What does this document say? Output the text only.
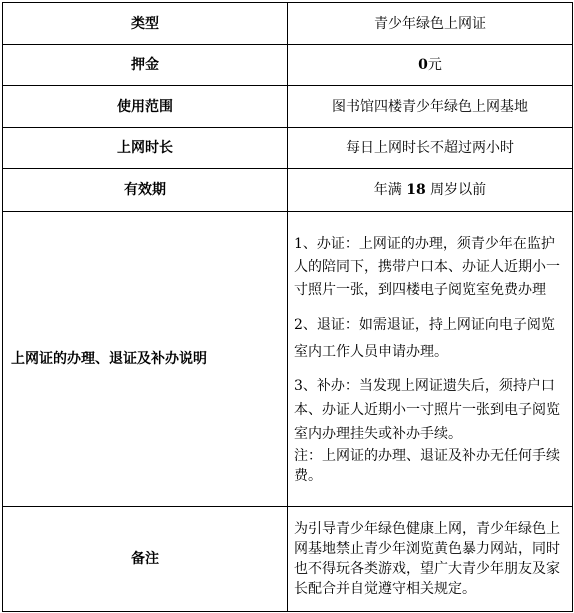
类型	青少年绿色上网证
押金	0元
使用范围	图书馆四楼青少年绿色上网基地
上网时长	每日上网时长不超过两小时
有效期	年满 18 周岁以前
上网证的办理、退证及补办说明	1、办证：上网证的办理，须青少年在监护人的陪同下，携带户口本、办证人近期小一寸照片一张，到四楼电子阅览室免费办理
2、退证：如需退证，持上网证向电子阅览室内工作人员申请办理。
3、补办：当发现上网证遗失后，须持户口本、办证人近期小一寸照片一张到电子阅览室内办理挂失或补办手续。
注：上网证的办理、退证及补办无任何手续费。

备注	为引导青少年绿色健康上网，青少年绿色上网基地禁止青少年浏览黄色暴力网站，同时也不得玩各类游戏，望广大青少年朋友及家长配合并自觉遵守相关规定。
